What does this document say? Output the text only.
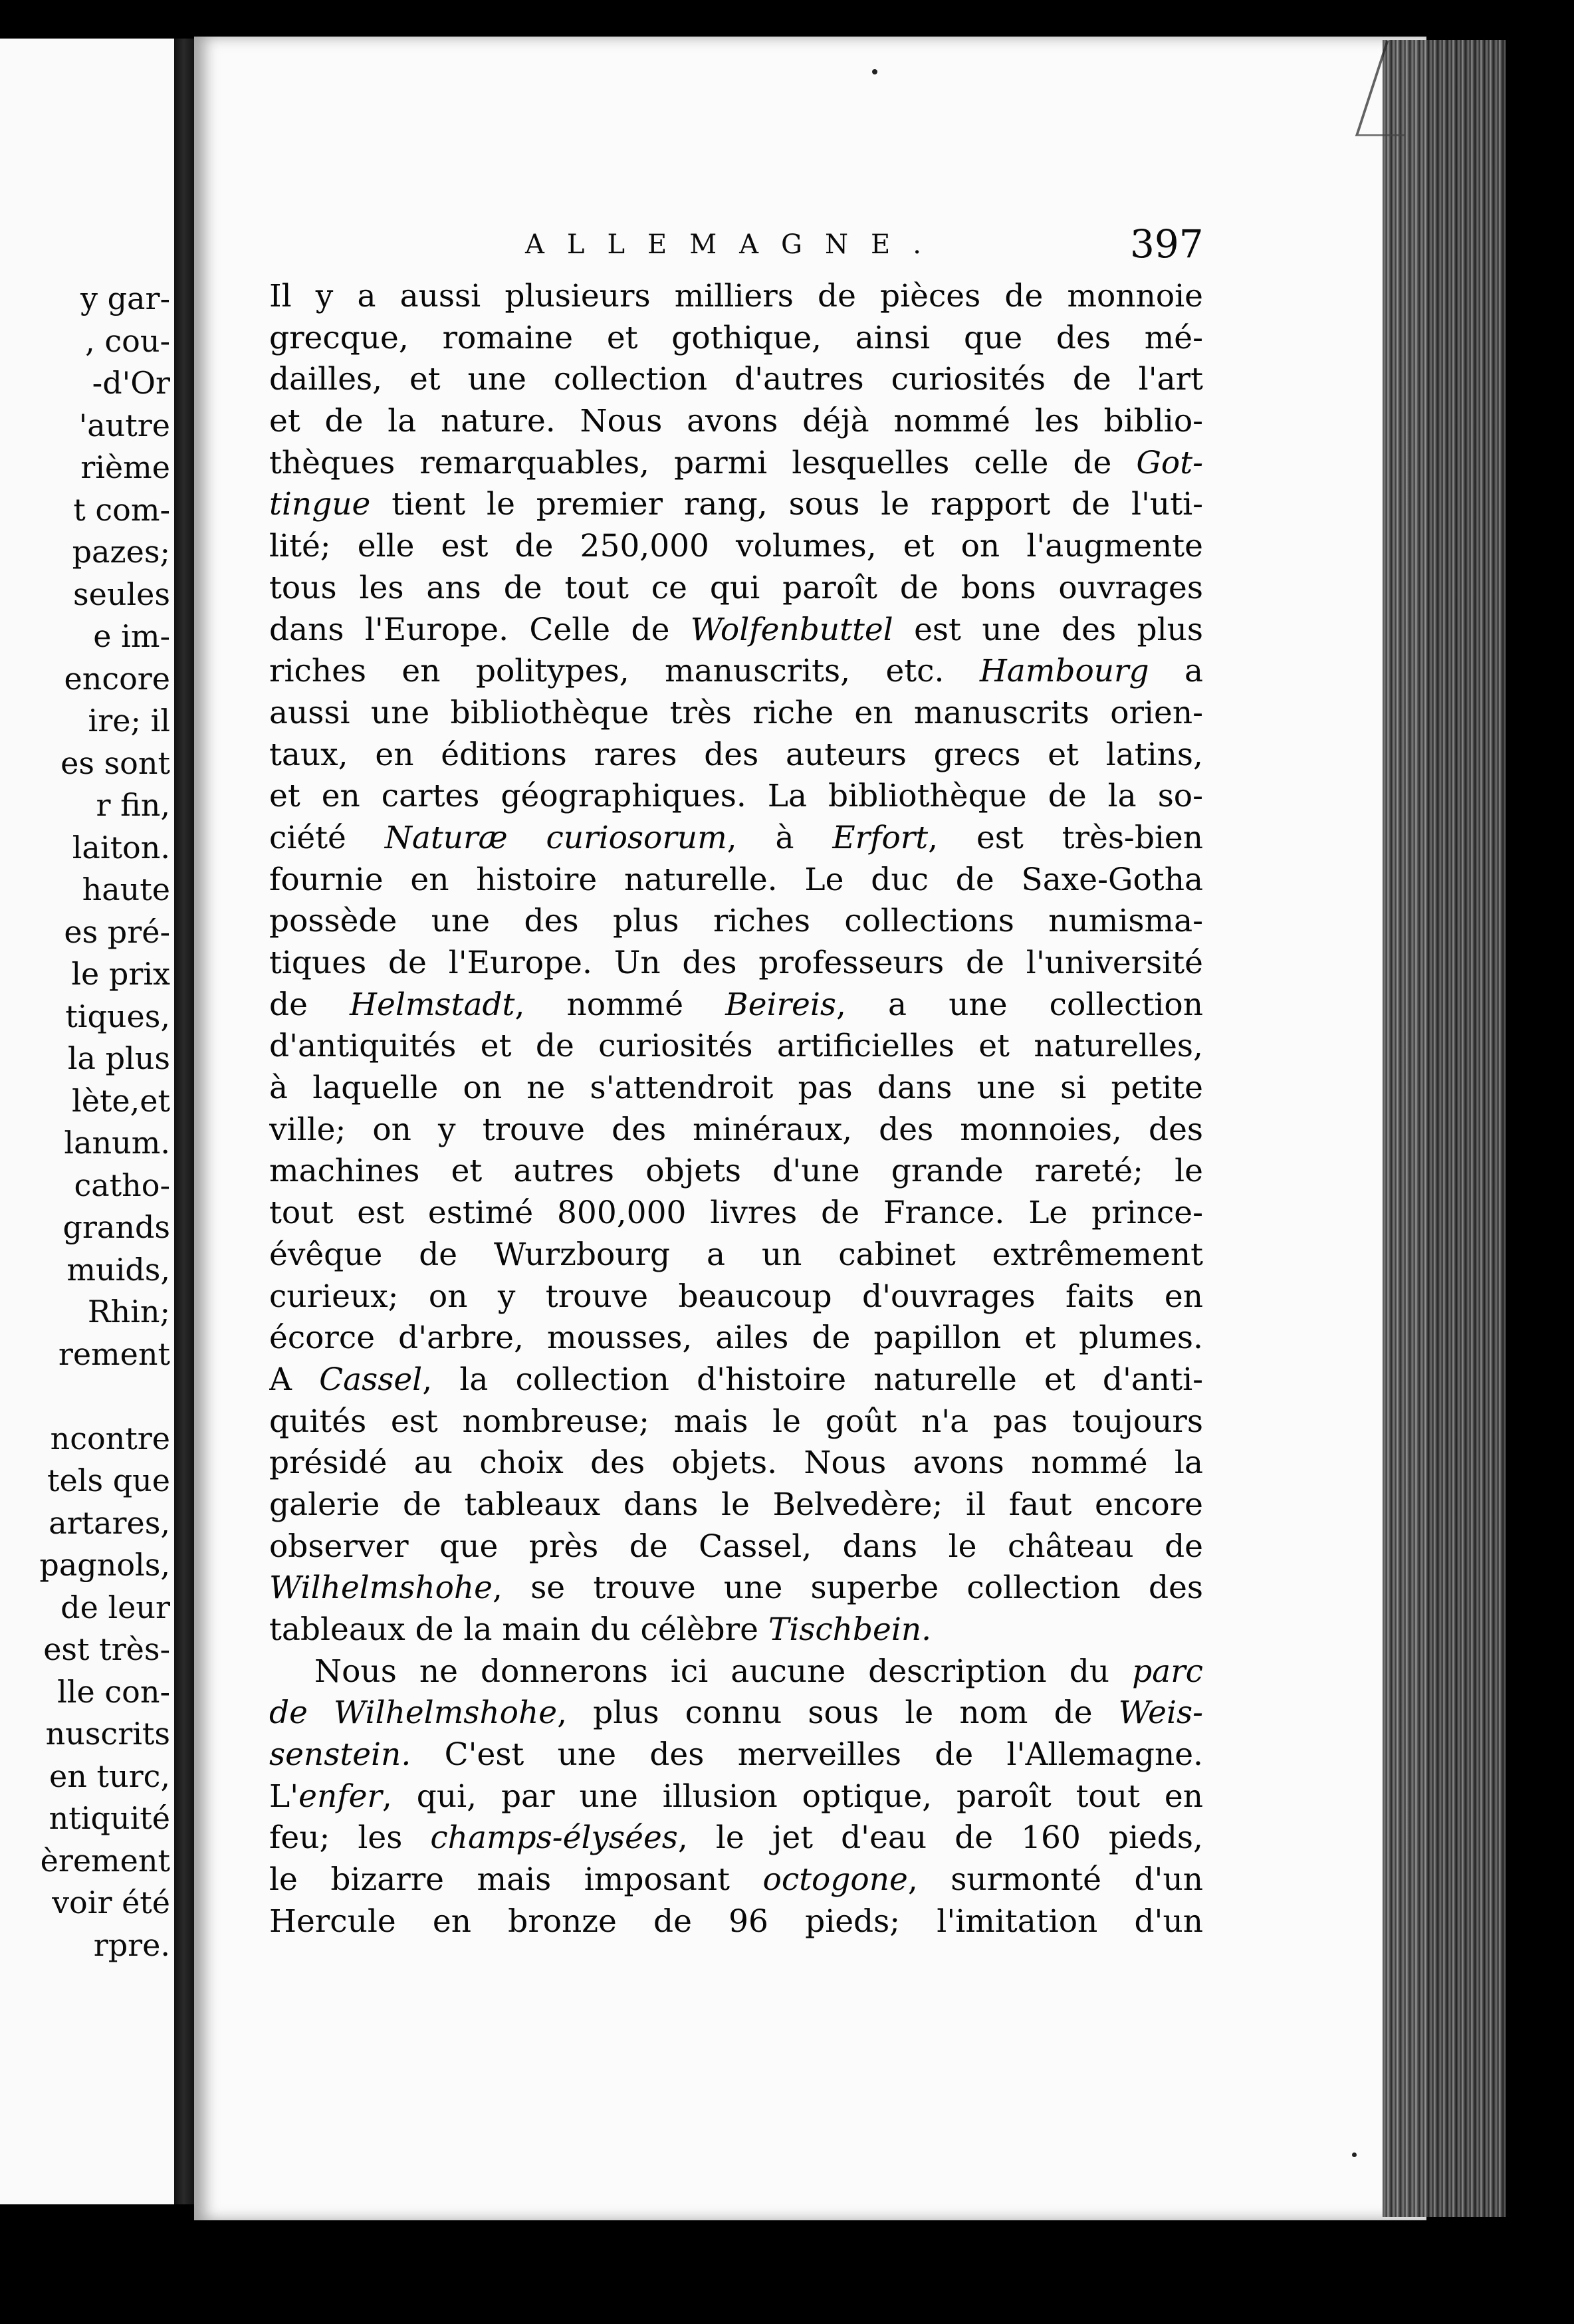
y gar-
, cou-
-d'Or
'autre
rième
t com-
pazes;
seules
e im-
encore
ire; il
es sont
r fin,
laiton.
haute
es pré-
le prix
tiques,
la plus
lète,et
lanum.
catho-
grands
muids,
Rhin;
rement
ncontre
tels que
artares,
pagnols,
de leur
est très-
lle con-
nuscrits
en turc,
ntiquité
èrement
voir été
rpre.
ALLEMAGNE.	397
Il y a aussi plusieurs milliers de pièces de monnoie
grecque, romaine et gothique, ainsi que des mé-
dailles, et une collection d'autres curiosités de l'art
et de la nature. Nous avons déjà nommé les biblio-
thèques remarquables, parmi lesquelles celle de Got-
tingue tient le premier rang, sous le rapport de l'uti-
lité; elle est de 250,000 volumes, et on l'augmente
tous les ans de tout ce qui paroît de bons ouvrages
dans l'Europe. Celle de Wolfenbuttel est une des plus
riches en politypes, manuscrits, etc. Hambourg a
aussi une bibliothèque très riche en manuscrits orien-
taux, en éditions rares des auteurs grecs et latins,
et en cartes géographiques. La bibliothèque de la so-
ciété Naturæ curiosorum, à Erfort, est très-bien
fournie en histoire naturelle. Le duc de Saxe-Gotha
possède une des plus riches collections numisma-
tiques de l'Europe. Un des professeurs de l'université
de Helmstadt, nommé Beireis, a une collection
d'antiquités et de curiosités artificielles et naturelles,
à laquelle on ne s'attendroit pas dans une si petite
ville; on y trouve des minéraux, des monnoies, des
machines et autres objets d'une grande rareté; le
tout est estimé 800,000 livres de France. Le prince-
évêque de Wurzbourg a un cabinet extrêmement
curieux; on y trouve beaucoup d'ouvrages faits en
écorce d'arbre, mousses, ailes de papillon et plumes.
A Cassel, la collection d'histoire naturelle et d'anti-
quités est nombreuse; mais le goût n'a pas toujours
présidé au choix des objets. Nous avons nommé la
galerie de tableaux dans le Belvedère; il faut encore
observer que près de Cassel, dans le château de
Wilhelmshohe, se trouve une superbe collection des
tableaux de la main du célèbre Tischbein.
Nous ne donnerons ici aucune description du parc
de Wilhelmshohe, plus connu sous le nom de Weis-
senstein. C'est une des merveilles de l'Allemagne.
L'enfer, qui, par une illusion optique, paroît tout en
feu; les champs-élysées, le jet d'eau de 160 pieds,
le bizarre mais imposant octogone, surmonté d'un
Hercule en bronze de 96 pieds; l'imitation d'un
